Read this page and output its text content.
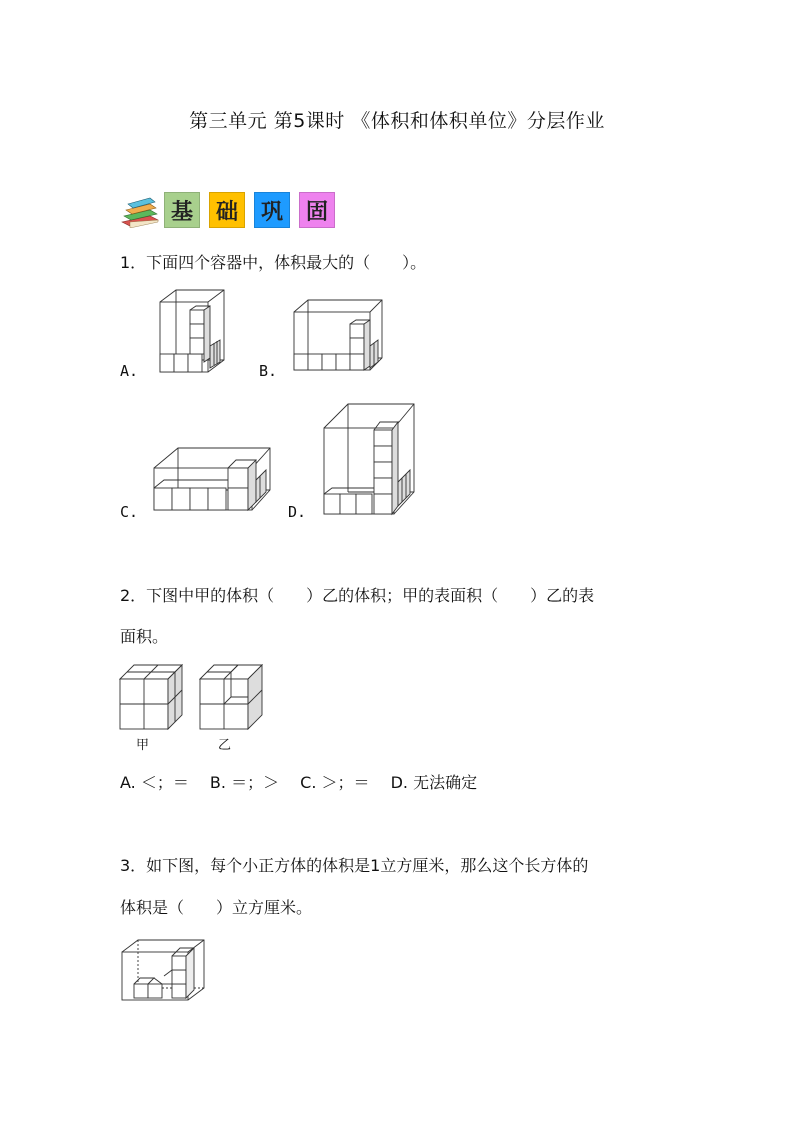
第三单元 第5课时 《体积和体积单位》分层作业
基	础	巩	固
1．下面四个容器中，体积最大的（　　）。
A.	B.
C.	D.
2．下图中甲的体积（　　）乙的体积；甲的表面积（　　）乙的表
面积。
甲	乙
A. ＜；＝　 B. ＝；＞　 C. ＞；＝　 D. 无法确定
3．如下图，每个小正方体的体积是1立方厘米，那么这个长方体的
体积是（　　）立方厘米。
